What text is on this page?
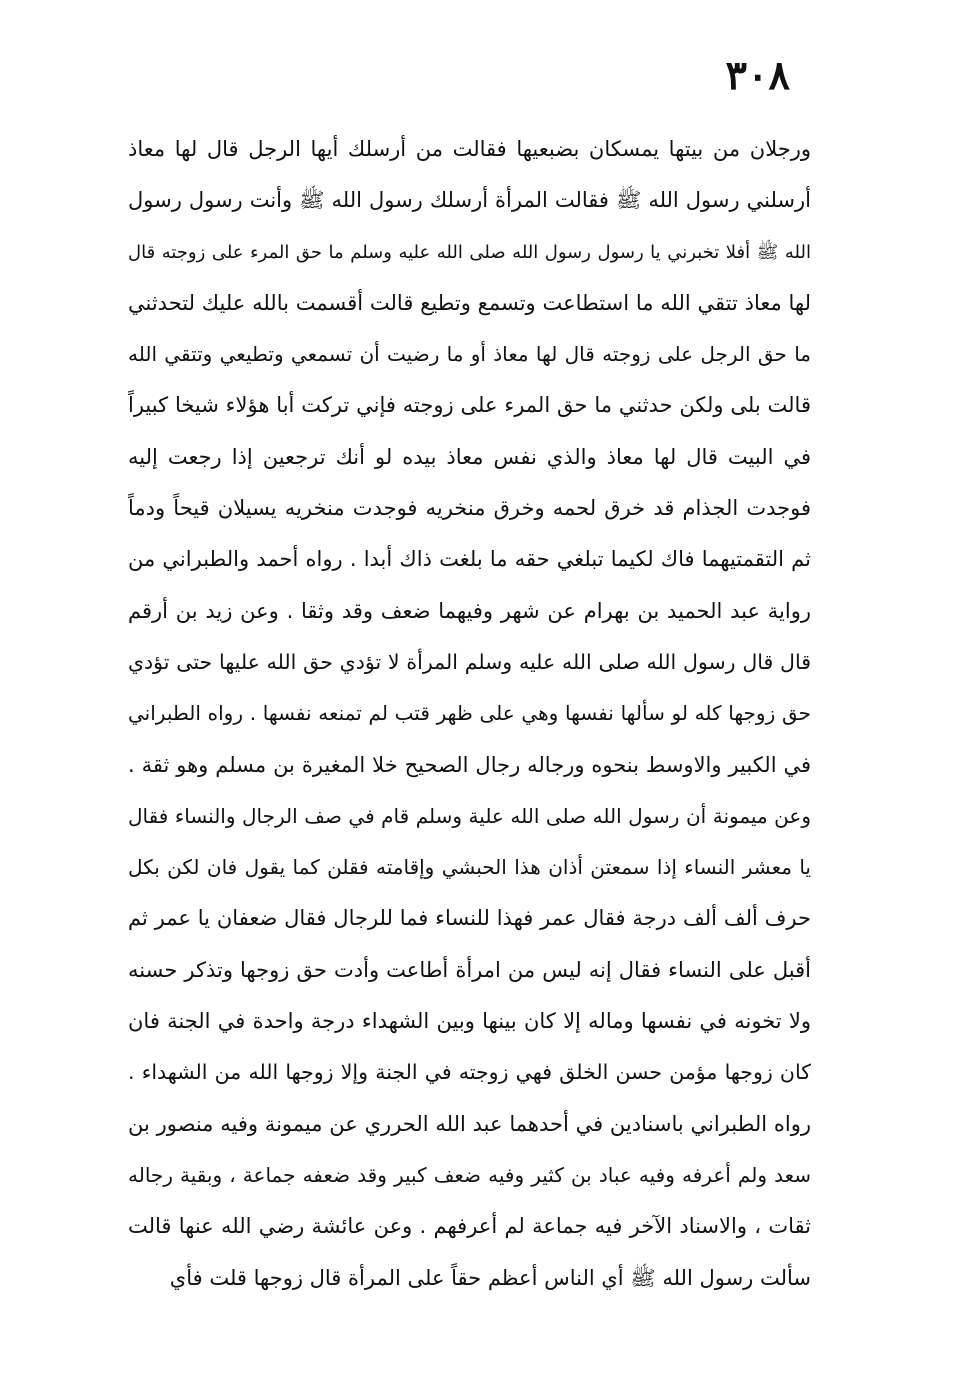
٣٠٨
ورجلان من بيتها يمسكان بضبعيها فقالت من أرسلك أيها الرجل قال لها معاذ
أرسلني رسول الله ﷺ فقالت المرأة أرسلك رسول الله ﷺ وأنت رسول رسول
الله ﷺ أفلا تخبرني يا رسول رسول الله صلى الله عليه وسلم ما حق المرء على زوجته قال
لها معاذ تتقي الله ما استطاعت وتسمع وتطيع قالت أقسمت بالله عليك لتحدثني
ما حق الرجل على زوجته قال لها معاذ أو ما رضيت أن تسمعي وتطيعي وتتقي الله
قالت بلى ولكن حدثني ما حق المرء على زوجته فإني تركت أبا هؤلاء شيخا كبيراً
في البيت قال لها معاذ والذي نفس معاذ بيده لو أنك ترجعين إذا رجعت إليه
فوجدت الجذام قد خرق لحمه وخرق منخريه فوجدت منخريه يسيلان قيحاً ودماً
ثم التقمتيهما فاك لكيما تبلغي حقه ما بلغت ذاك أبدا . رواه أحمد والطبراني من
رواية عبد الحميد بن بهرام عن شهر وفيهما ضعف وقد وثقا . وعن زيد بن أرقم
قال قال رسول الله صلى الله عليه وسلم المرأة لا تؤدي حق الله عليها حتى تؤدي
حق زوجها كله لو سألها نفسها وهي على ظهر قتب لم تمنعه نفسها . رواه الطبراني
في الكبير والاوسط بنحوه ورجاله رجال الصحيح خلا المغيرة بن مسلم وهو ثقة .
وعن ميمونة أن رسول الله صلى الله علية وسلم قام في صف الرجال والنساء فقال
يا معشر النساء إذا سمعتن أذان هذا الحبشي وإقامته فقلن كما يقول فان لكن بكل
حرف ألف ألف درجة فقال عمر فهذا للنساء فما للرجال فقال ضعفان يا عمر ثم
أقبل على النساء فقال إنه ليس من امرأة أطاعت وأدت حق زوجها وتذكر حسنه
ولا تخونه في نفسها وماله إلا كان بينها وبين الشهداء درجة واحدة في الجنة فان
كان زوجها مؤمن حسن الخلق فهي زوجته في الجنة وإلا زوجها الله من الشهداء .
رواه الطبراني باسنادين في أحدهما عبد الله الحرري عن ميمونة وفيه منصور بن
سعد ولم أعرفه وفيه عباد بن كثير وفيه ضعف كبير وقد ضعفه جماعة ، وبقية رجاله
ثقات ، والاسناد الآخر فيه جماعة لم أعرفهم . وعن عائشة رضي الله عنها قالت
سألت رسول الله ﷺ أي الناس أعظم حقاً على المرأة قال زوجها قلت فأي
